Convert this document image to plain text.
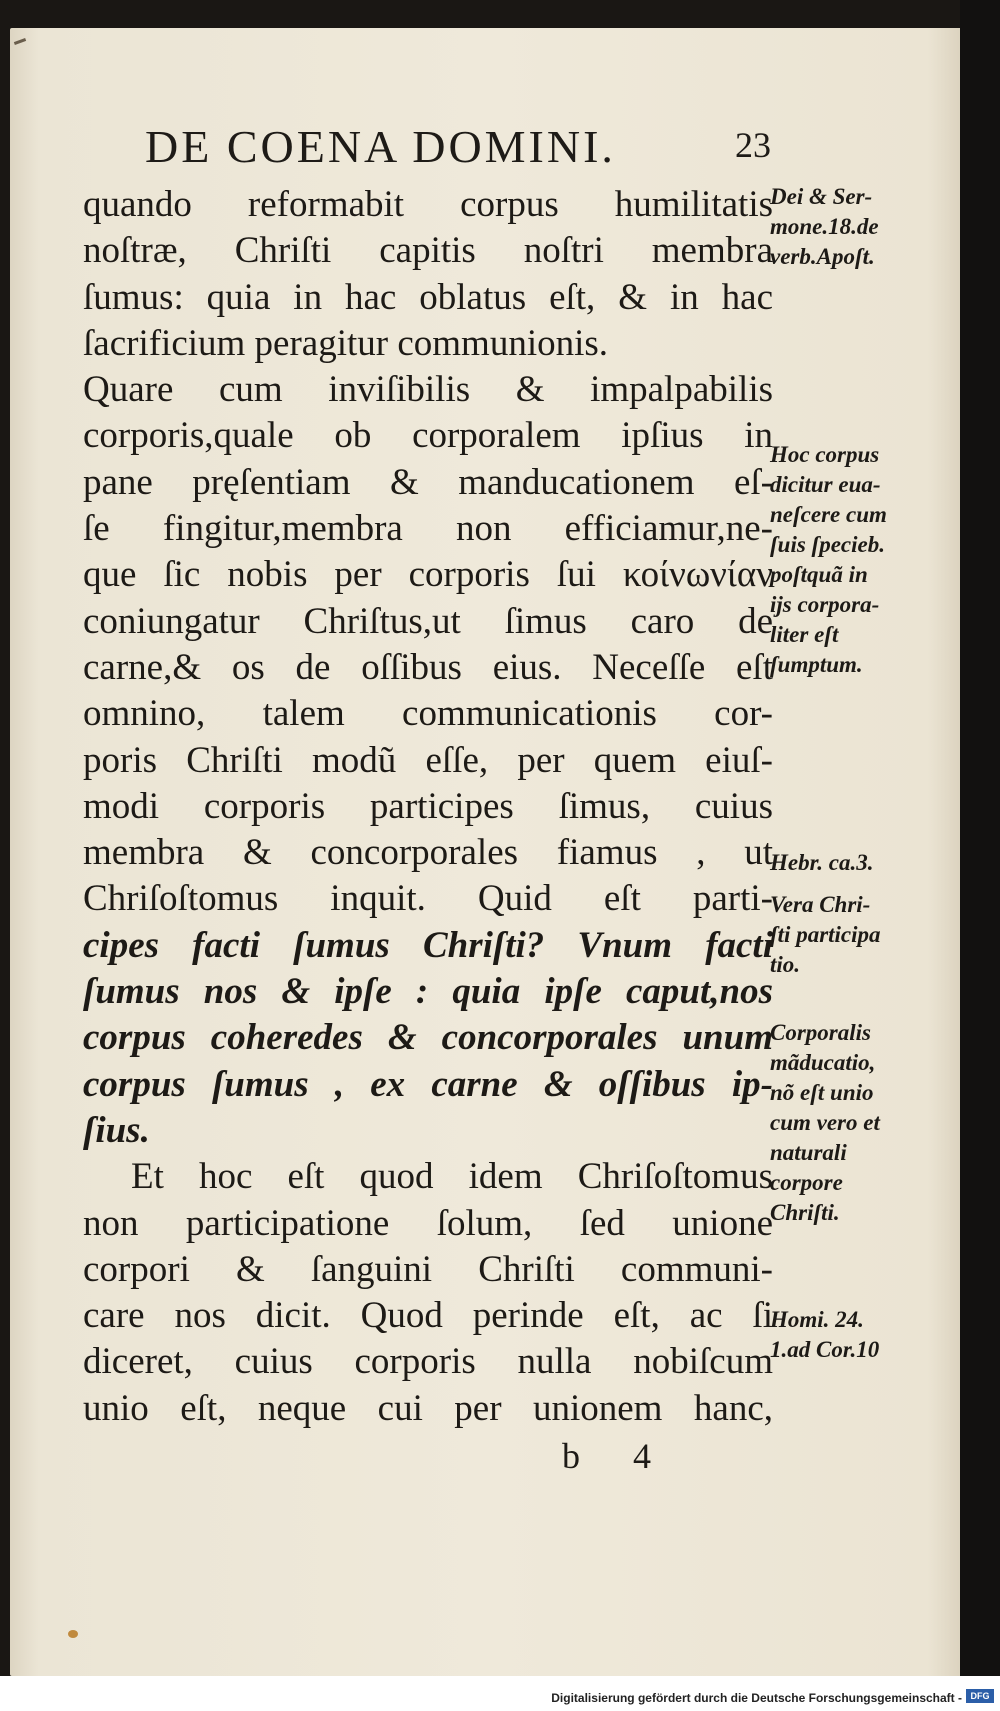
DE COENA DOMINI.	23
quando reformabit corpus humilitatis
noſtræ, Chriſti capitis noſtri membra
ſumus: quia in hac oblatus eſt, & in hac
ſacrificium peragitur communionis.
Quare cum inviſibilis & impalpabilis
corporis,quale ob corporalem ipſius in
pane pręſentiam & manducationem eſ-
ſe fingitur,membra non efficiamur,ne-
que ſic nobis per corporis ſui κοίνωνίαν
coniungatur Chriſtus,ut ſimus caro de
carne,& os de oſſibus eius. Neceſſe eſt
omnino, talem communicationis cor-
poris Chriſti modũ eſſe, per quem eiuſ-
modi corporis participes ſimus, cuius
membra & concorporales fiamus , ut
Chriſoſtomus inquit. Quid eſt parti-
cipes facti ſumus Chriſti? Vnum facti
ſumus nos & ipſe : quia ipſe caput,nos
corpus coheredes & concorporales unum
corpus ſumus , ex carne & oſſibus ip-
ſius.
Et hoc eſt quod idem Chriſoſtomus
non participatione ſolum, ſed unione
corpori & ſanguini Chriſti communi-
care nos dicit. Quod perinde eſt, ac ſi
diceret, cuius corporis nulla nobiſcum
unio eſt, neque cui per unionem hanc,
Dei & Ser-
mone.18.de
verb.Apoſt.
Hoc corpus
dicitur eua-
neſcere cum
ſuis ſpecieb.
poſtquã in
ijs corpora-
liter eſt
ſumptum.
Hebr. ca.3.
Vera Chri-
ſti participa
tio.
Corporalis
mãducatio,
nõ eſt unio
cum vero et
naturali
corpore
Chriſti.
Homi. 24.
1.ad Cor.10
b 4
Digitalisierung gefördert durch die Deutsche Forschungsgemeinschaft - DFG
